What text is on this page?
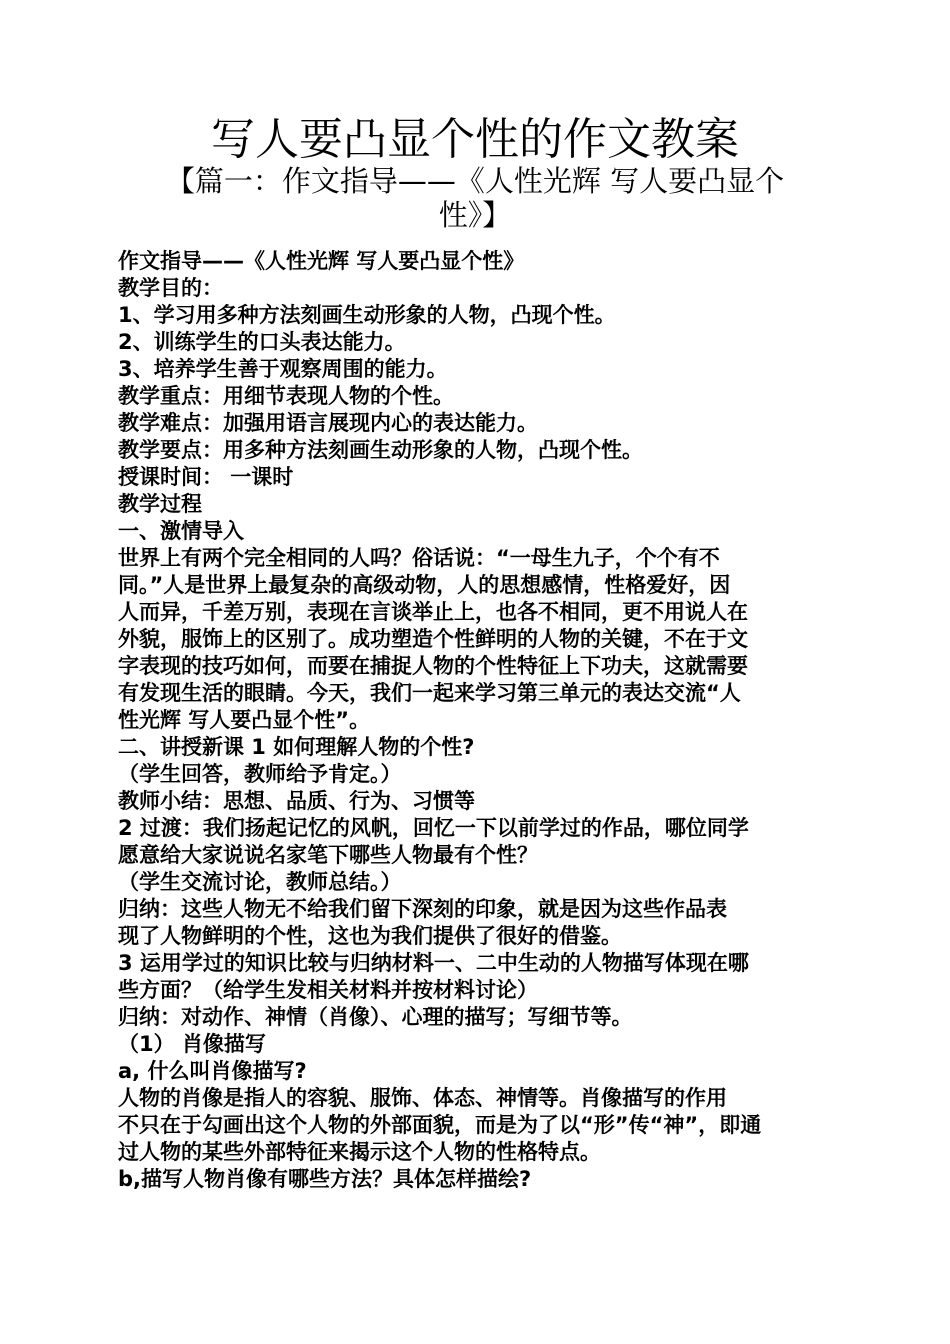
写人要凸显个性的作文教案
【篇一：作文指导——《人性光辉 写人要凸显个
性》】

作文指导——《人性光辉 写人要凸显个性》

教学目的：

1、学习用多种方法刻画生动形象的人物，凸现个性。

2、训练学生的口头表达能力。

3、培养学生善于观察周围的能力。

教学重点：用细节表现人物的个性。

教学难点：加强用语言展现内心的表达能力。

教学要点：用多种方法刻画生动形象的人物，凸现个性。

授课时间： 一课时

教学过程

一、激情导入

世界上有两个完全相同的人吗？俗话说：“一母生九子，个个有不

同。”人是世界上最复杂的高级动物，人的思想感情，性格爱好，因

人而异，千差万别，表现在言谈举止上，也各不相同，更不用说人在

外貌，服饰上的区别了。成功塑造个性鲜明的人物的关键，不在于文

字表现的技巧如何，而要在捕捉人物的个性特征上下功夫，这就需要

有发现生活的眼睛。今天，我们一起来学习第三单元的表达交流“人

性光辉 写人要凸显个性”。

二、讲授新课 1 如何理解人物的个性?

（学生回答，教师给予肯定。）

教师小结：思想、品质、行为、习惯等

2 过渡：我们扬起记忆的风帆，回忆一下以前学过的作品，哪位同学

愿意给大家说说名家笔下哪些人物最有个性？

（学生交流讨论，教师总结。）

归纳：这些人物无不给我们留下深刻的印象，就是因为这些作品表

现了人物鲜明的个性，这也为我们提供了很好的借鉴。

3 运用学过的知识比较与归纳材料一、二中生动的人物描写体现在哪

些方面？（给学生发相关材料并按材料讨论）

归纳：对动作、神情（肖像）、心理的描写；写细节等。

（1） 肖像描写

a, 什么叫肖像描写?

人物的肖像是指人的容貌、服饰、体态、神情等。肖像描写的作用

不只在于勾画出这个人物的外部面貌，而是为了以“形”传“神”，即通

过人物的某些外部特征来揭示这个人物的性格特点。

b,描写人物肖像有哪些方法？具体怎样描绘?
